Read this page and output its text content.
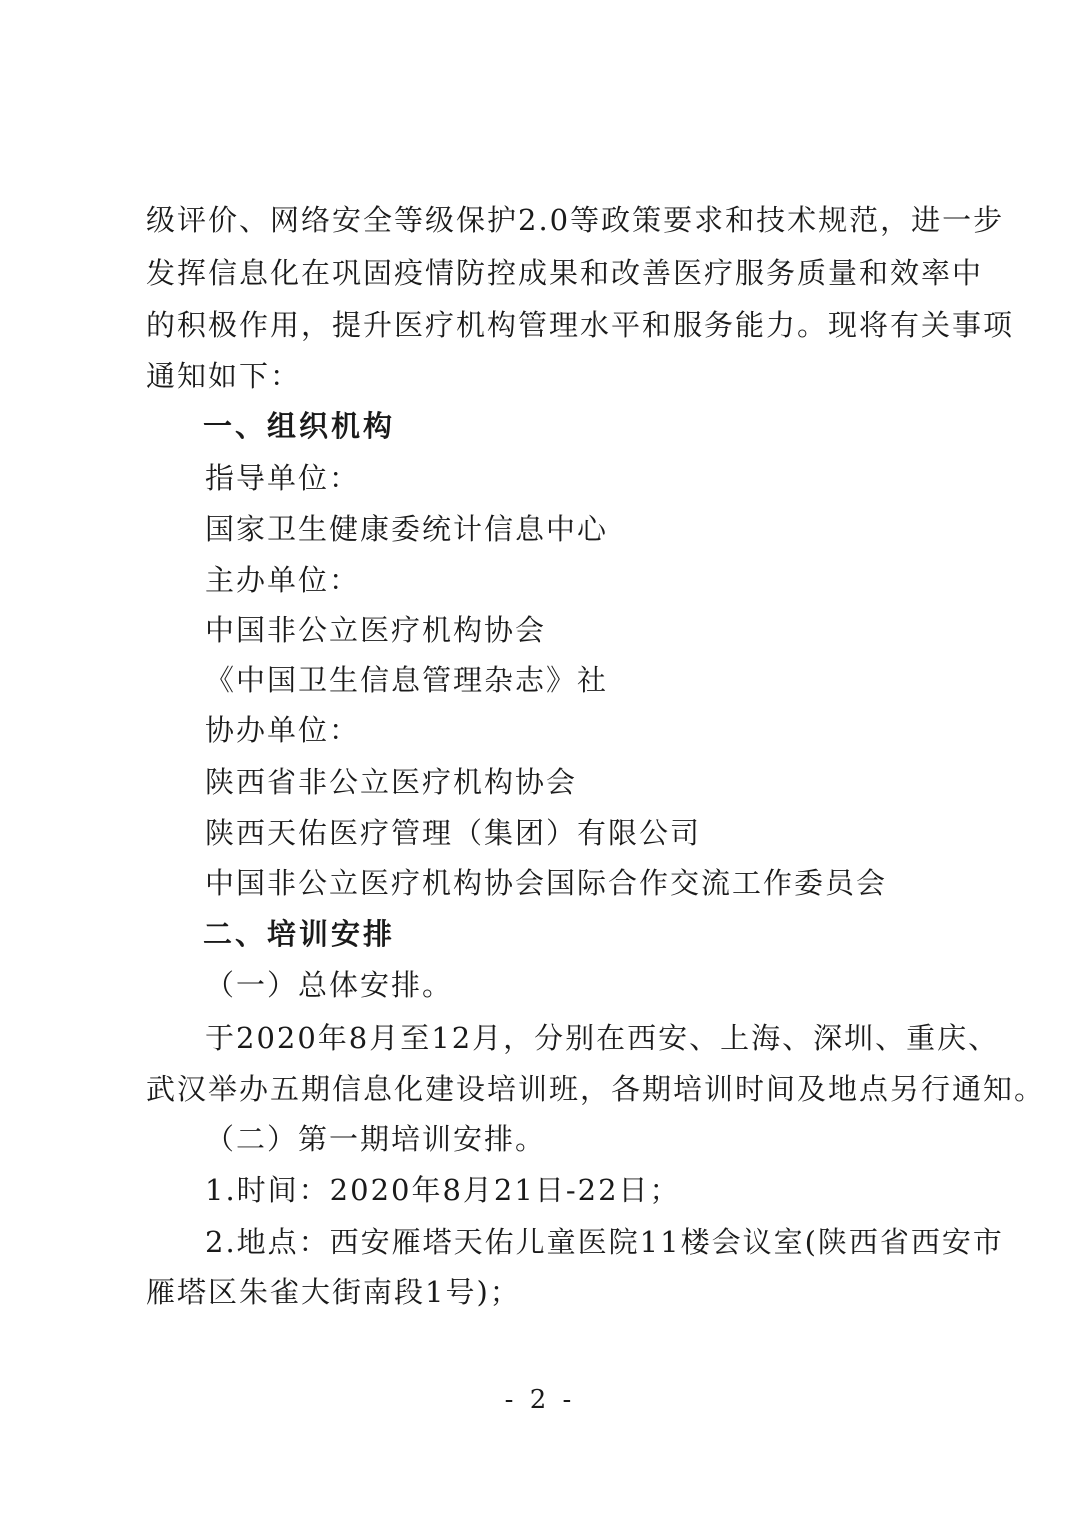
级评价、网络安全等级保护2.0等政策要求和技术规范，进一步
发挥信息化在巩固疫情防控成果和改善医疗服务质量和效率中
的积极作用，提升医疗机构管理水平和服务能力。现将有关事项
通知如下：
一、组织机构
指导单位：
国家卫生健康委统计信息中心
主办单位：
中国非公立医疗机构协会
《中国卫生信息管理杂志》社
协办单位：
陕西省非公立医疗机构协会
陕西天佑医疗管理（集团）有限公司
中国非公立医疗机构协会国际合作交流工作委员会
二、培训安排
（一）总体安排。
于2020年8月至12月，分别在西安、上海、深圳、重庆、
武汉举办五期信息化建设培训班，各期培训时间及地点另行通知。
（二）第一期培训安排。
1.时间：2020年8月21日-22日；
2.地点：西安雁塔天佑儿童医院11楼会议室(陕西省西安市
雁塔区朱雀大街南段1号)；
- 2 -
